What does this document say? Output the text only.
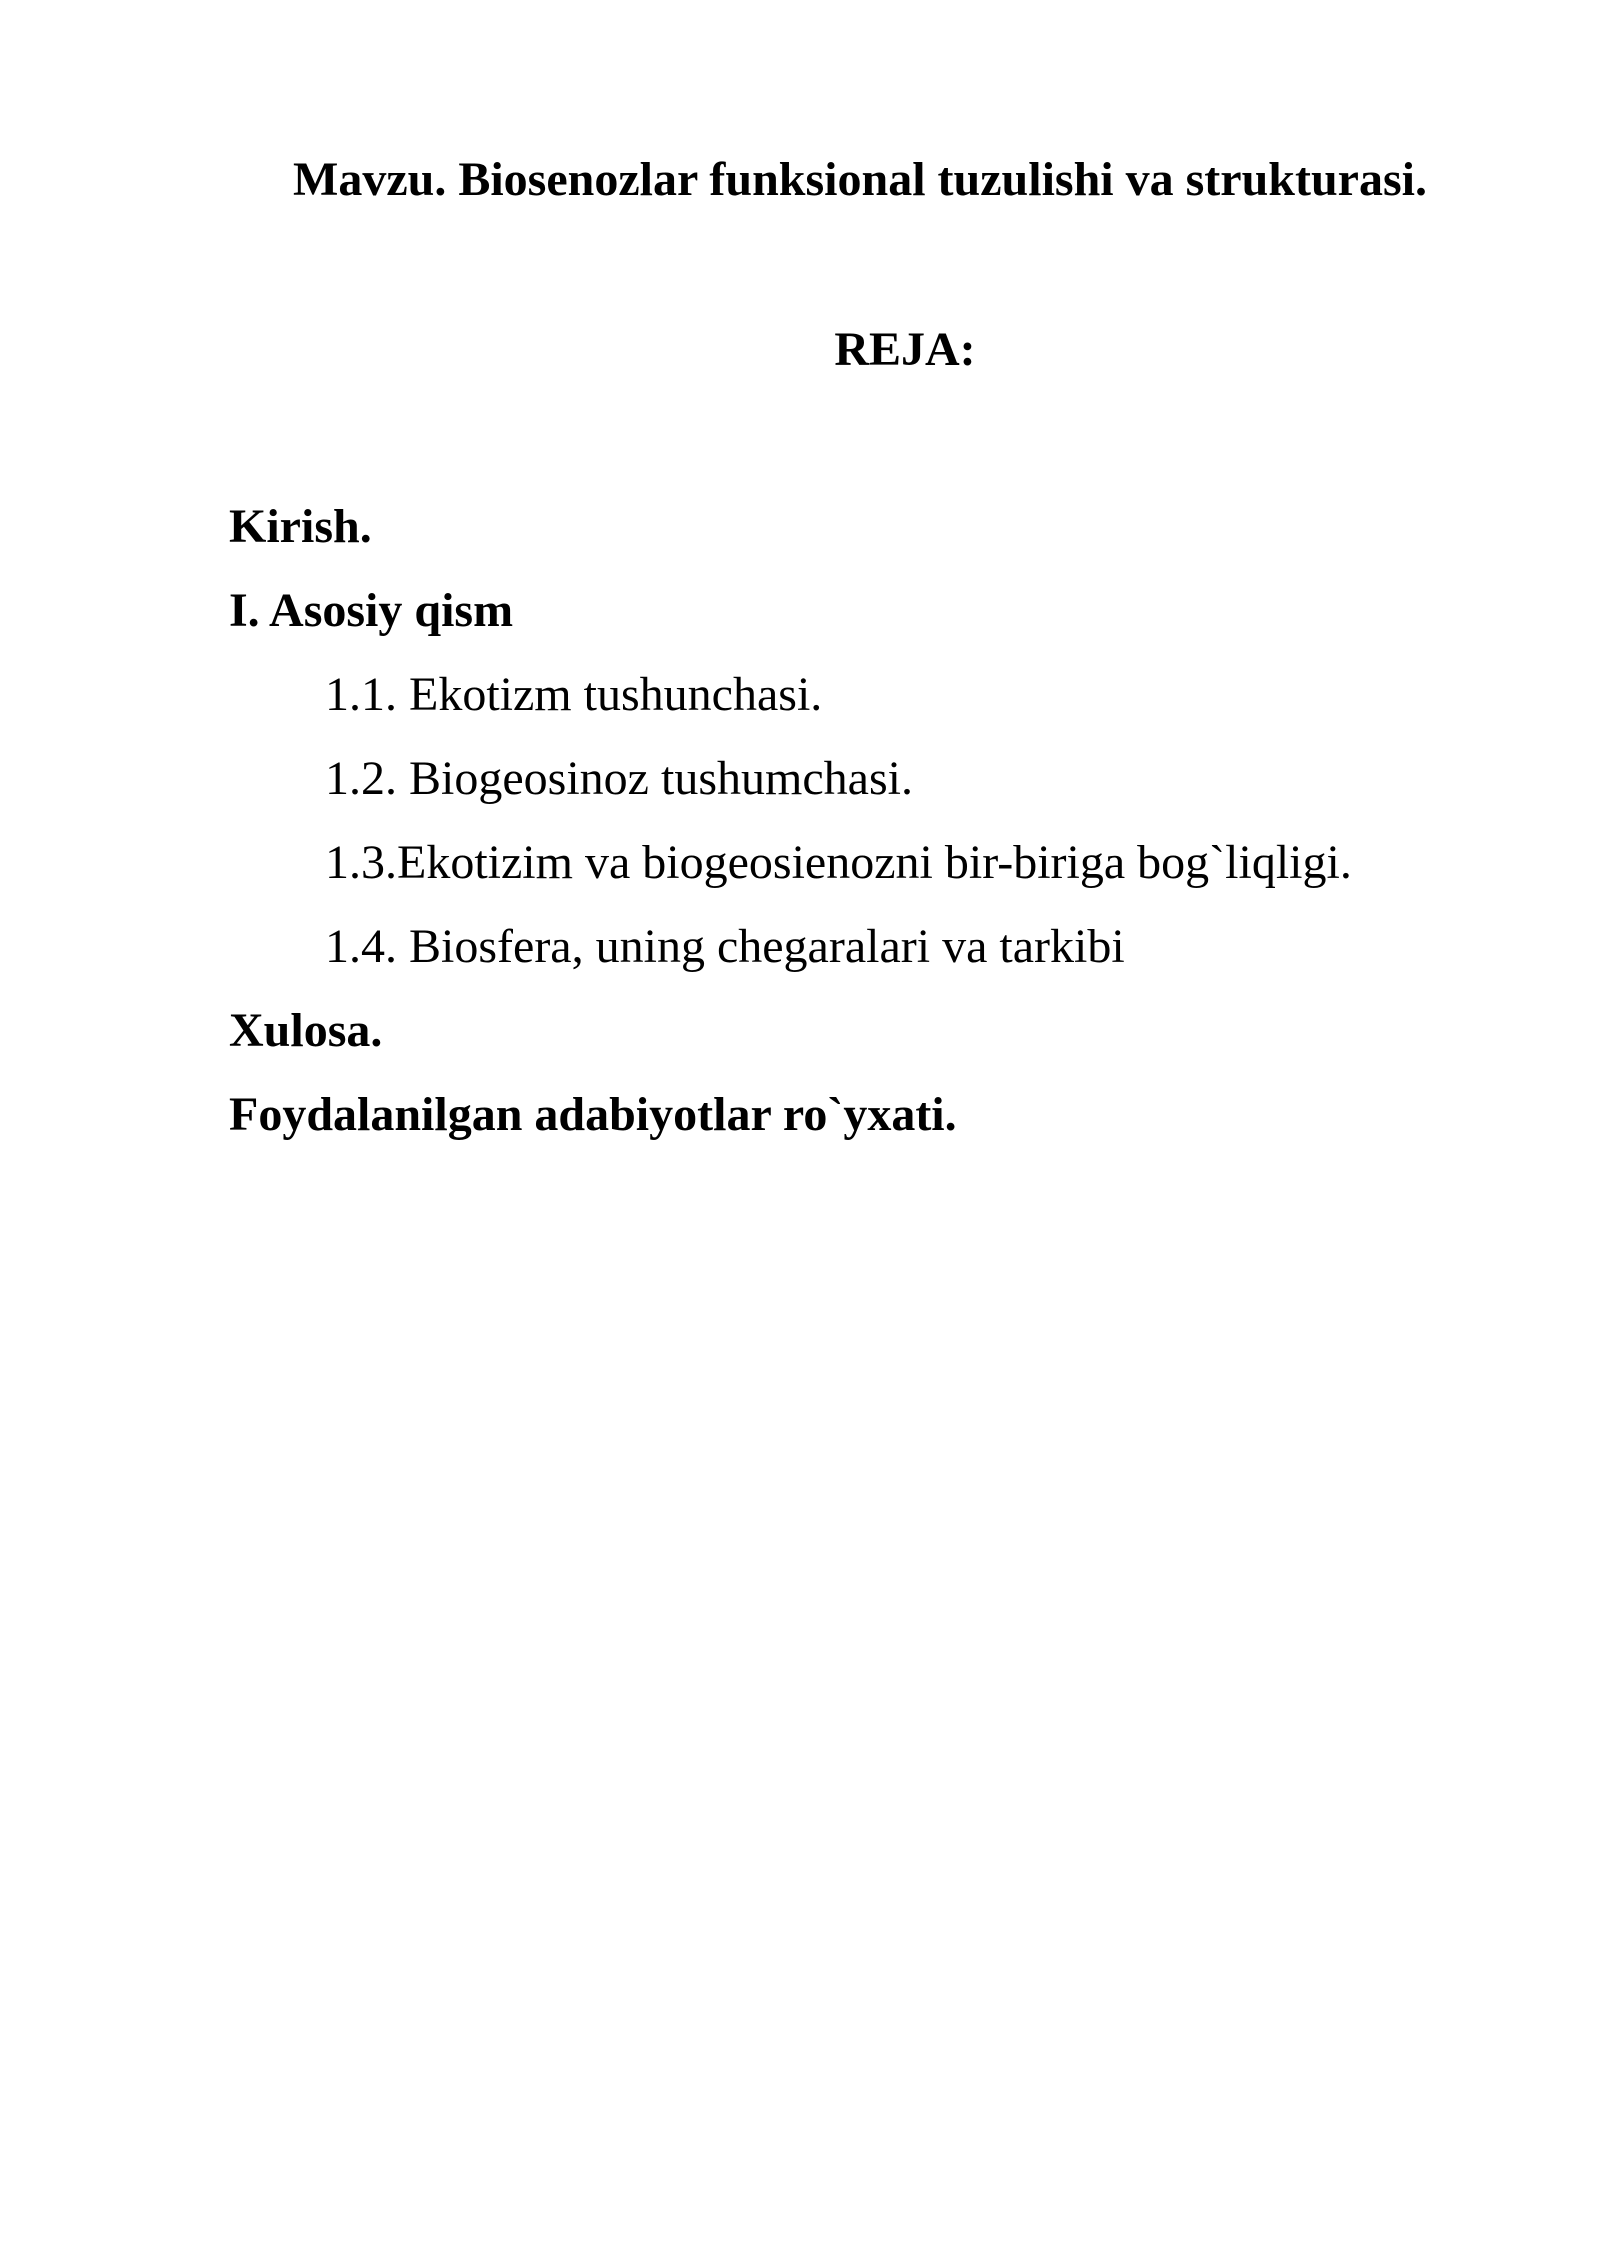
Mavzu. Biosenozlar funksional tuzulishi va strukturasi.
REJA:
Kirish.
I. Asosiy qism
1.1. Ekotizm tushunchasi.
1.2. Biogeosinoz tushumchasi.
1.3.Ekotizim va biogeosienozni bir-biriga bog`liqligi.
1.4. Biosfera, uning chegaralari va tarkibi
Xulosa.
Foydalanilgan adabiyotlar ro`yxati.
